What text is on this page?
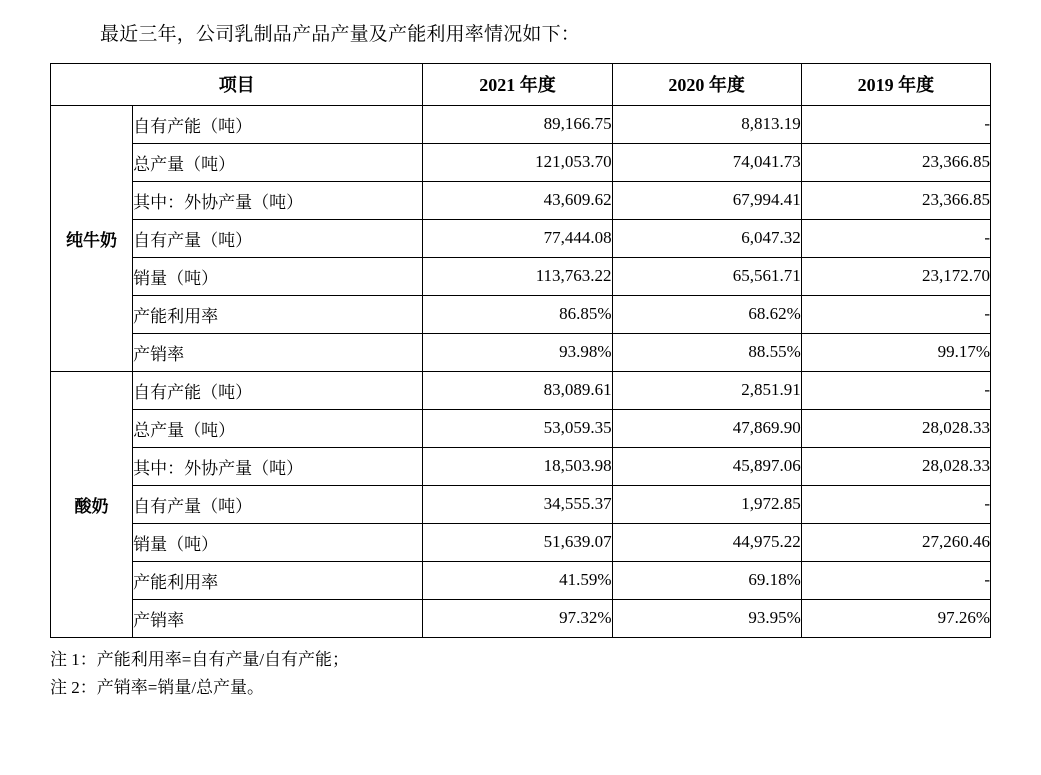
最近三年，公司乳制品产品产量及产能利用率情况如下：

项目		2021 年度	2020 年度	2019 年度
纯牛奶	自有产能（吨）	89,166.75	8,813.19	-
	总产量（吨）	121,053.70	74,041.73	23,366.85
	其中：外协产量（吨）	43,609.62	67,994.41	23,366.85
	自有产量（吨）	77,444.08	6,047.32	-
	销量（吨）	113,763.22	65,561.71	23,172.70
	产能利用率	86.85%	68.62%	-
	产销率	93.98%	88.55%	99.17%
酸奶	自有产能（吨）	83,089.61	2,851.91	-
	总产量（吨）	53,059.35	47,869.90	28,028.33
	其中：外协产量（吨）	18,503.98	45,897.06	28,028.33
	自有产量（吨）	34,555.37	1,972.85	-
	销量（吨）	51,639.07	44,975.22	27,260.46
	产能利用率	41.59%	69.18%	-
	产销率	97.32%	93.95%	97.26%
注 1：产能利用率=自有产量/自有产能；
注 2：产销率=销量/总产量。
